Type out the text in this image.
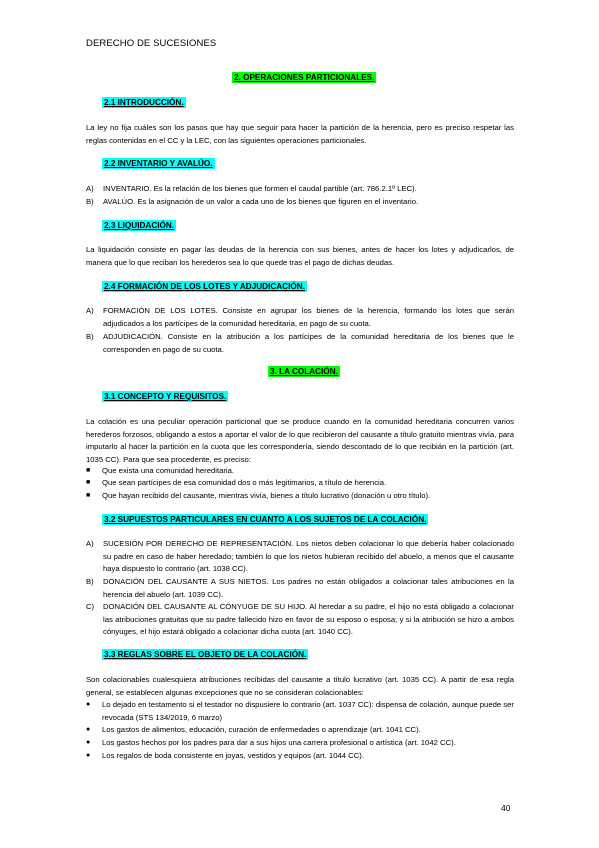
DERECHO DE SUCESIONES
2. OPERACIONES PARTICIONALES.
2.1 INTRODUCCIÓN.
La ley no fija cuáles son los pasos que hay que seguir para hacer la partición de la herencia, pero es preciso respetar las reglas contenidas en el CC y la LEC, con las siguientes operaciones particionales.
2.2 INVENTARIO Y AVALÚO.
A) INVENTARIO. Es la relación de los bienes que formen el caudal partible (art. 786.2.1º LEC).
B) AVALÚO. Es la asignación de un valor a cada uno de los bienes que figuren en el inventario.
2.3 LIQUIDACIÓN.
La liquidación consiste en pagar las deudas de la herencia con sus bienes, antes de hacer los lotes y adjudicarlos, de manera que lo que reciban los herederos sea lo que quede tras el pago de dichas deudas.
2.4 FORMACIÓN DE LOS LOTES Y ADJUDICACIÓN.
A) FORMACIÓN DE LOS LOTES. Consiste en agrupar los bienes de la herencia, formando los lotes que serán adjudicados a los partícipes de la comunidad hereditaria, en pago de su cuota.
B) ADJUDICACIÓN. Consiste en la atribución a los partícipes de la comunidad hereditaria de los bienes que le corresponden en pago de su cuota.
3. LA COLACIÓN.
3.1 CONCEPTO Y REQUISITOS.
La colación es una peculiar operación particional que se produce cuando en la comunidad hereditaria concurren varios herederos forzosos, obligando a estos a aportar el valor de lo que recibieron del causante a título gratuito mientras vivía, para imputarlo al hacer la partición en la cuota que les correspondería, siendo descontado de lo que recibián en la partición (art. 1035 CC). Para que sea procedente, es preciso:
■ Que exista una comunidad hereditaria.
■ Que sean partícipes de esa comunidad dos o más legitimarios, a título de herencia.
■ Que hayan recibido del causante, mientras vivía, bienes a título lucrativo (donación u otro título).
3.2 SUPUESTOS PARTICULARES EN CUANTO A LOS SUJETOS DE LA COLACIÓN.
A) SUCESIÓN POR DERECHO DE REPRESENTACIÓN. Los nietos deben colacionar lo que debería haber colacionado su padre en caso de haber heredado; también lo que los nietos hubieran recibido del abuelo, a menos que el causante haya dispuesto lo contrario (art. 1038 CC).
B) DONACIÓN DEL CAUSANTE A SUS NIETOS. Los padres no están obligados a colacionar tales atribuciones en la herencia del abuelo (art. 1039 CC).
C) DONACIÓN DEL CAUSANTE AL CÓNYUGE DE SU HIJO. Al heredar a su padre, el hijo no está obligado a colacionar las atribuciones gratuitas que su padre fallecido hizo en favor de su esposo o esposa; y si la atribución se hizo a ambos cónyuges, el hijo estará obligado a colacionar dicha cuota (art. 1040 CC).
3.3 REGLAS SOBRE EL OBJETO DE LA COLACIÓN.
Son colacionables cualesquiera atribuciones recibidas del causante a título lucrativo (art. 1035 CC). A partir de esa regla general, se establecen algunas excepciones que no se consideran colacionables:
● Lo dejado en testamento si el testador no dispusiere lo contrario (art. 1037 CC): dispensa de colación, aunque puede ser revocada (STS 134/2019, 6 marzo)
● Los gastos de alimentos, educación, curación de enfermedades o aprendizaje (art. 1041 CC).
● Los gastos hechos por los padres para dar a sus hijos una carrera profesional o artística (art. 1042 CC).
● Los regalos de boda consistente en joyas, vestidos y equipos (art. 1044 CC).
40
